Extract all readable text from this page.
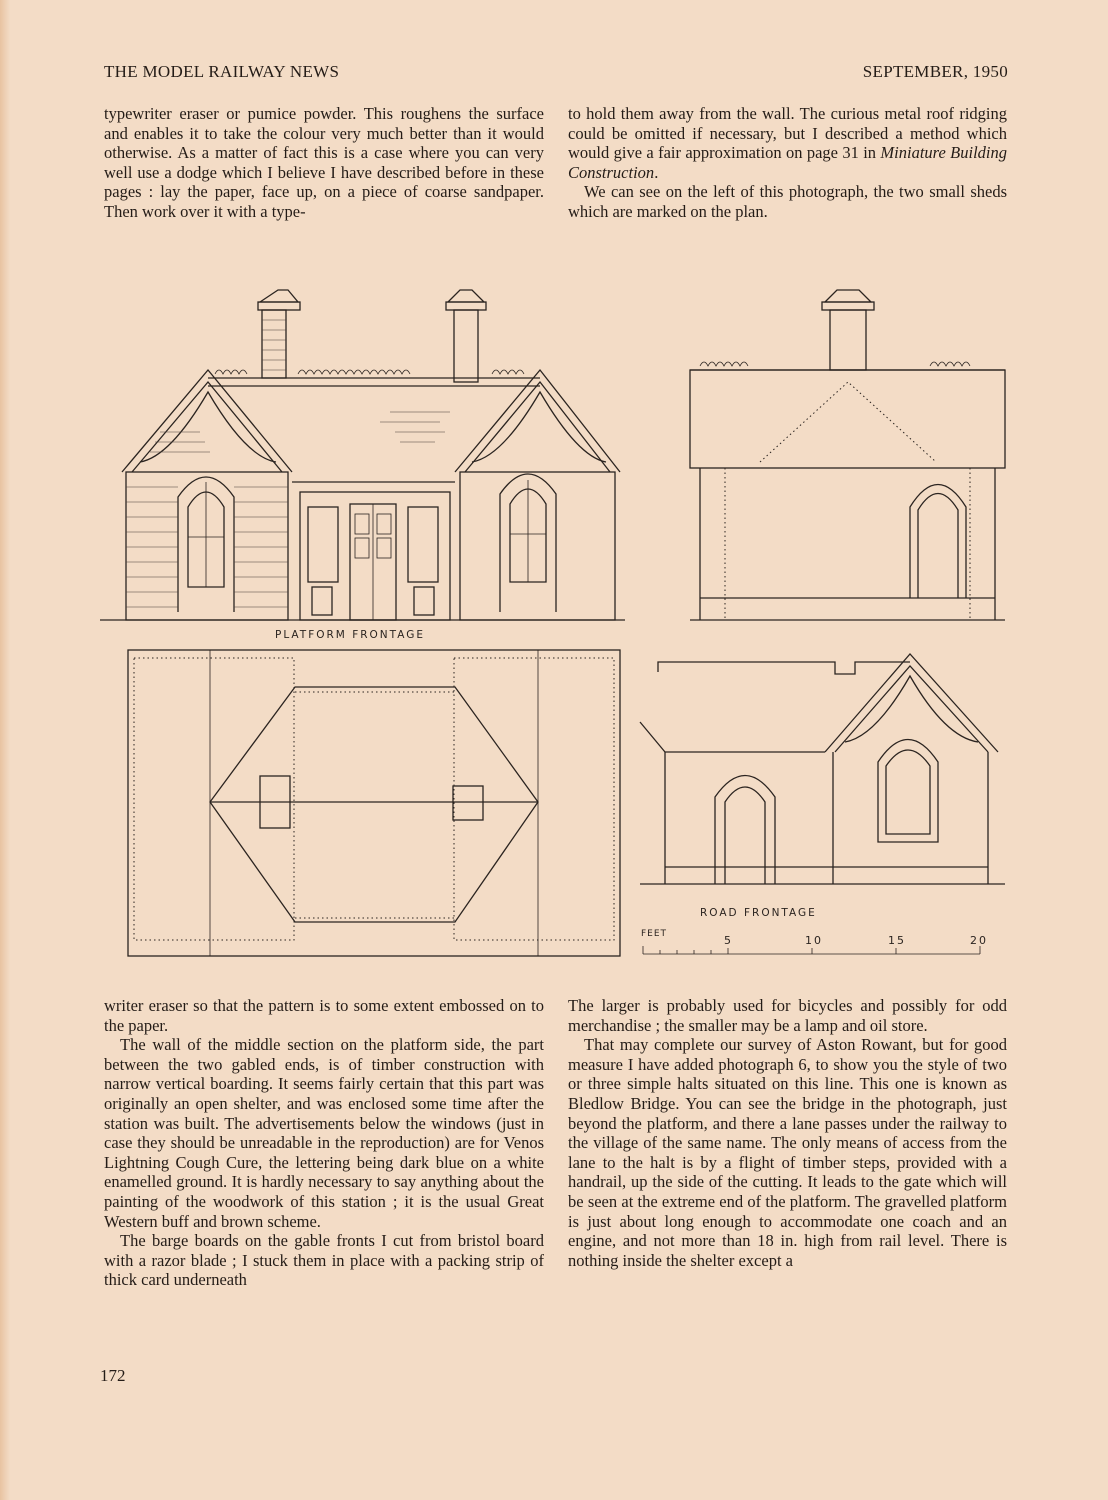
THE MODEL RAILWAY NEWS	SEPTEMBER, 1950

typewriter eraser or pumice powder. This roughens the surface and enables it to take the colour very much better than it would otherwise. As a matter of fact this is a case where you can very well use a dodge which I believe I have described before in these pages : lay the paper, face up, on a piece of coarse sandpaper. Then work over it with a type-

to hold them away from the wall. The curious metal roof ridging could be omitted if necessary, but I described a method which would give a fair approximation on page 31 in Miniature Building Construction.

We can see on the left of this photograph, the two small sheds which are marked on the plan.

PLATFORM FRONTAGE
ROAD FRONTAGE
FEET	5	10	15	20

writer eraser so that the pattern is to some extent embossed on to the paper.

The wall of the middle section on the platform side, the part between the two gabled ends, is of timber construction with narrow vertical boarding. It seems fairly certain that this part was originally an open shelter, and was enclosed some time after the station was built. The advertisements below the windows (just in case they should be unreadable in the reproduction) are for Venos Lightning Cough Cure, the lettering being dark blue on a white enamelled ground. It is hardly necessary to say anything about the painting of the woodwork of this station ; it is the usual Great Western buff and brown scheme.

The barge boards on the gable fronts I cut from bristol board with a razor blade ; I stuck them in place with a packing strip of thick card underneath

The larger is probably used for bicycles and possibly for odd merchandise ; the smaller may be a lamp and oil store.

That may complete our survey of Aston Rowant, but for good measure I have added photograph 6, to show you the style of two or three simple halts situated on this line. This one is known as Bledlow Bridge. You can see the bridge in the photograph, just beyond the platform, and there a lane passes under the railway to the village of the same name. The only means of access from the lane to the halt is by a flight of timber steps, provided with a handrail, up the side of the cutting. It leads to the gate which will be seen at the extreme end of the platform. The gravelled platform is just about long enough to accommodate one coach and an engine, and not more than 18 in. high from rail level. There is nothing inside the shelter except a

172
